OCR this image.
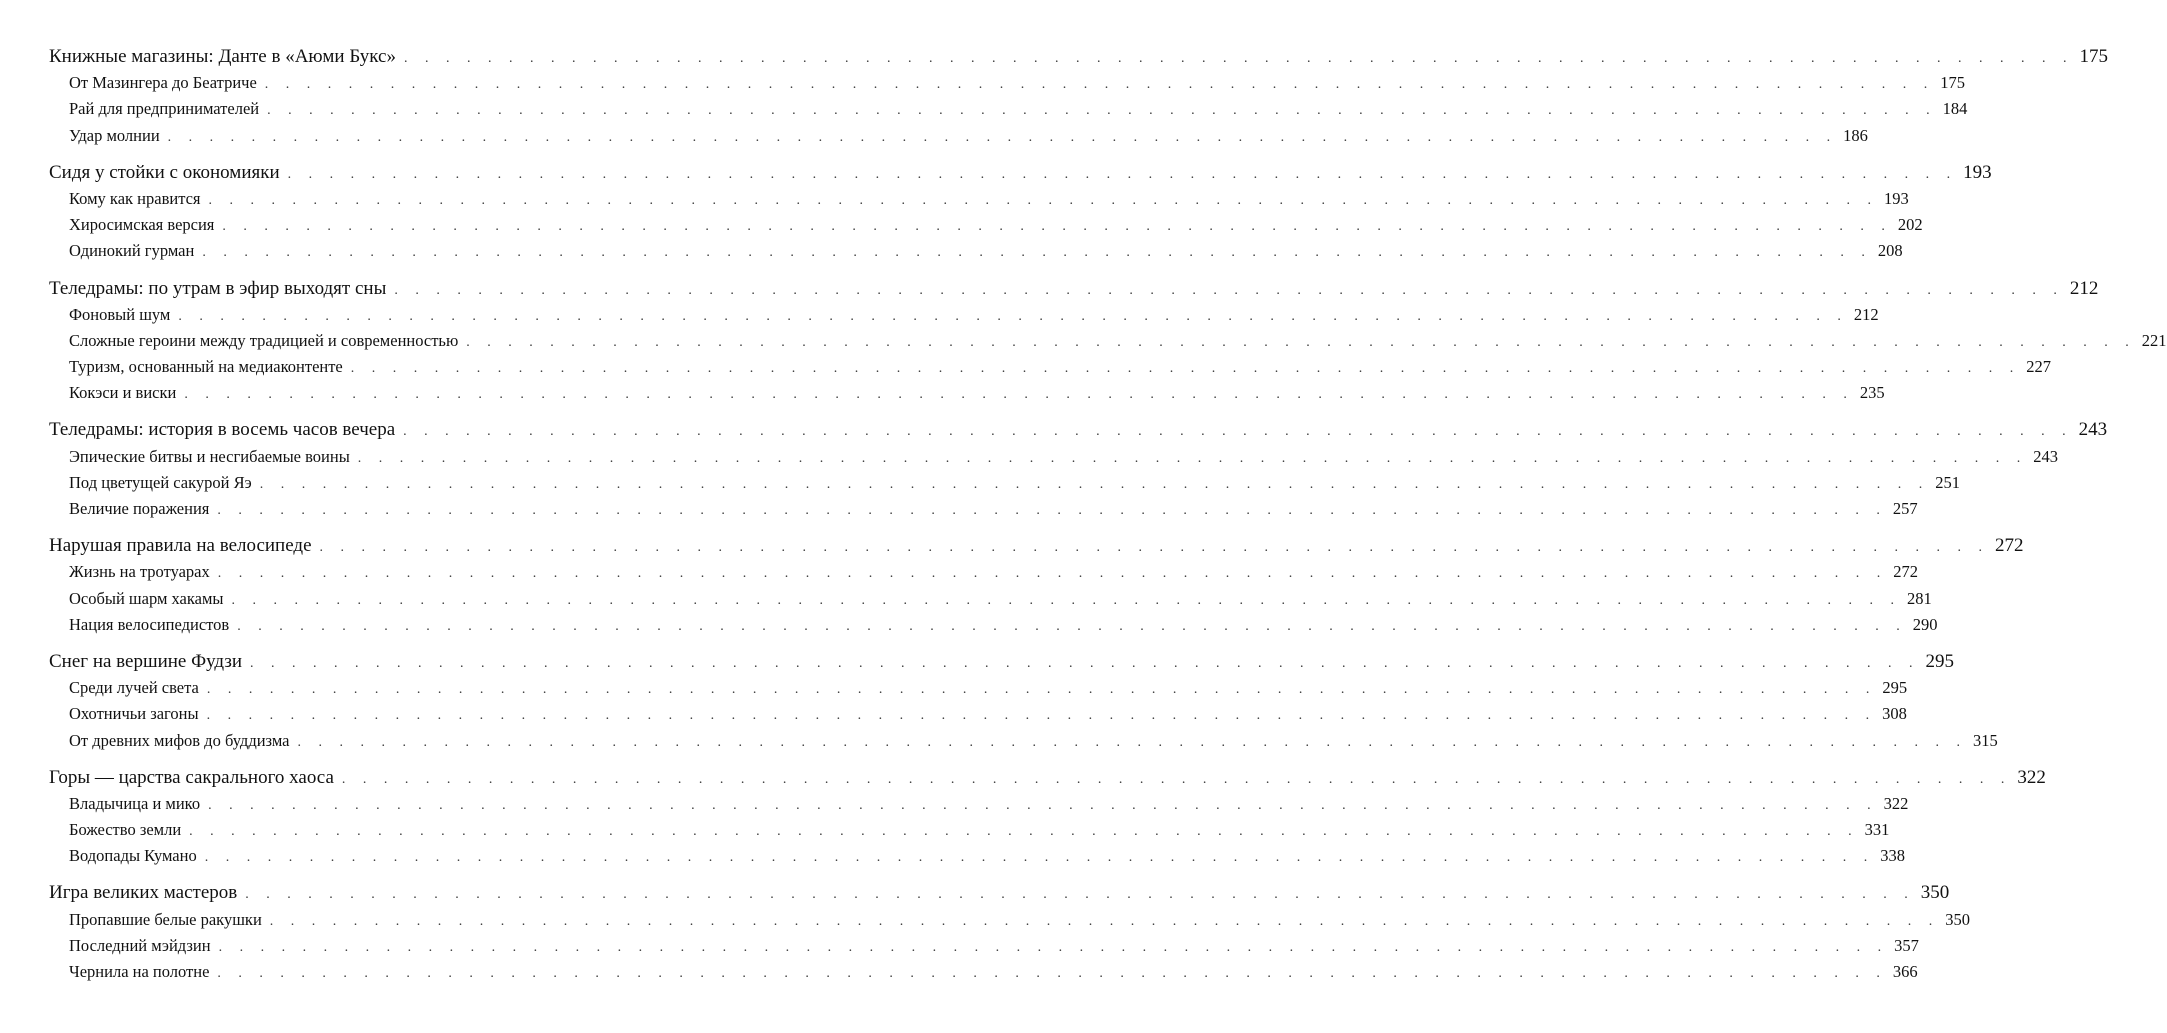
Книжные магазины: Данте в «Аюми Букс» . . . . . . . . . . . . . . . . . . . . . . . . . . . . . . . . . . . . . . . . . . . . . . . . . . . . . . . . . . . . . . . . . . . . . . . . . . . . . . . . 175
От Мазингера до Беатриче . . . . . . . . . . . . . . . . . . . . . . . . . . . . . . . . . . . . . . . . . . . . . . . . . . . . . . . . . . . . . . . . . . . . . . . . . . . . . . . . 175
Рай для предпринимателей . . . . . . . . . . . . . . . . . . . . . . . . . . . . . . . . . . . . . . . . . . . . . . . . . . . . . . . . . . . . . . . . . . . . . . . . . . . . . . . . 184
Удар молнии . . . . . . . . . . . . . . . . . . . . . . . . . . . . . . . . . . . . . . . . . . . . . . . . . . . . . . . . . . . . . . . . . . . . . . . . . . . . . . . . 186
Сидя у стойки с окономияки . . . . . . . . . . . . . . . . . . . . . . . . . . . . . . . . . . . . . . . . . . . . . . . . . . . . . . . . . . . . . . . . . . . . . . . . . . . . . . . . 193
Кому как нравится . . . . . . . . . . . . . . . . . . . . . . . . . . . . . . . . . . . . . . . . . . . . . . . . . . . . . . . . . . . . . . . . . . . . . . . . . . . . . . . . 193
Хиросимская версия . . . . . . . . . . . . . . . . . . . . . . . . . . . . . . . . . . . . . . . . . . . . . . . . . . . . . . . . . . . . . . . . . . . . . . . . . . . . . . . . 202
Одинокий гурман . . . . . . . . . . . . . . . . . . . . . . . . . . . . . . . . . . . . . . . . . . . . . . . . . . . . . . . . . . . . . . . . . . . . . . . . . . . . . . . . 208
Теледрамы: по утрам в эфир выходят сны . . . . . . . . . . . . . . . . . . . . . . . . . . . . . . . . . . . . . . . . . . . . . . . . . . . . . . . . . . . . . . . . . . . . . . . . . . . . . . . . 212
Фоновый шум . . . . . . . . . . . . . . . . . . . . . . . . . . . . . . . . . . . . . . . . . . . . . . . . . . . . . . . . . . . . . . . . . . . . . . . . . . . . . . . . 212
Сложные героини между традицией и современностью . . . . . . . . . . . . . . . . . . . . . . . . . . . . . . . . . . . . . . . . . . . . . . . . . . . . . . . . . . . . . . . . . . . . . . . . . . . . . . . . 221
Туризм, основанный на медиаконтенте . . . . . . . . . . . . . . . . . . . . . . . . . . . . . . . . . . . . . . . . . . . . . . . . . . . . . . . . . . . . . . . . . . . . . . . . . . . . . . . . 227
Кокэси и виски . . . . . . . . . . . . . . . . . . . . . . . . . . . . . . . . . . . . . . . . . . . . . . . . . . . . . . . . . . . . . . . . . . . . . . . . . . . . . . . . 235
Теледрамы: история в восемь часов вечера . . . . . . . . . . . . . . . . . . . . . . . . . . . . . . . . . . . . . . . . . . . . . . . . . . . . . . . . . . . . . . . . . . . . . . . . . . . . . . . . 243
Эпические битвы и несгибаемые воины . . . . . . . . . . . . . . . . . . . . . . . . . . . . . . . . . . . . . . . . . . . . . . . . . . . . . . . . . . . . . . . . . . . . . . . . . . . . . . . . 243
Под цветущей сакурой Яэ . . . . . . . . . . . . . . . . . . . . . . . . . . . . . . . . . . . . . . . . . . . . . . . . . . . . . . . . . . . . . . . . . . . . . . . . . . . . . . . . 251
Величие поражения . . . . . . . . . . . . . . . . . . . . . . . . . . . . . . . . . . . . . . . . . . . . . . . . . . . . . . . . . . . . . . . . . . . . . . . . . . . . . . . . 257
Нарушая правила на велосипеде . . . . . . . . . . . . . . . . . . . . . . . . . . . . . . . . . . . . . . . . . . . . . . . . . . . . . . . . . . . . . . . . . . . . . . . . . . . . . . . . 272
Жизнь на тротуарах . . . . . . . . . . . . . . . . . . . . . . . . . . . . . . . . . . . . . . . . . . . . . . . . . . . . . . . . . . . . . . . . . . . . . . . . . . . . . . . . 272
Особый шарм хакамы . . . . . . . . . . . . . . . . . . . . . . . . . . . . . . . . . . . . . . . . . . . . . . . . . . . . . . . . . . . . . . . . . . . . . . . . . . . . . . . . 281
Нация велосипедистов . . . . . . . . . . . . . . . . . . . . . . . . . . . . . . . . . . . . . . . . . . . . . . . . . . . . . . . . . . . . . . . . . . . . . . . . . . . . . . . . 290
Снег на вершине Фудзи . . . . . . . . . . . . . . . . . . . . . . . . . . . . . . . . . . . . . . . . . . . . . . . . . . . . . . . . . . . . . . . . . . . . . . . . . . . . . . . . 295
Среди лучей света . . . . . . . . . . . . . . . . . . . . . . . . . . . . . . . . . . . . . . . . . . . . . . . . . . . . . . . . . . . . . . . . . . . . . . . . . . . . . . . . 295
Охотничьи загоны . . . . . . . . . . . . . . . . . . . . . . . . . . . . . . . . . . . . . . . . . . . . . . . . . . . . . . . . . . . . . . . . . . . . . . . . . . . . . . . . 308
От древних мифов до буддизма . . . . . . . . . . . . . . . . . . . . . . . . . . . . . . . . . . . . . . . . . . . . . . . . . . . . . . . . . . . . . . . . . . . . . . . . . . . . . . . . 315
Горы — царства сакрального хаоса . . . . . . . . . . . . . . . . . . . . . . . . . . . . . . . . . . . . . . . . . . . . . . . . . . . . . . . . . . . . . . . . . . . . . . . . . . . . . . . . 322
Владычица и мико . . . . . . . . . . . . . . . . . . . . . . . . . . . . . . . . . . . . . . . . . . . . . . . . . . . . . . . . . . . . . . . . . . . . . . . . . . . . . . . . 322
Божество земли . . . . . . . . . . . . . . . . . . . . . . . . . . . . . . . . . . . . . . . . . . . . . . . . . . . . . . . . . . . . . . . . . . . . . . . . . . . . . . . . 331
Водопады Кумано . . . . . . . . . . . . . . . . . . . . . . . . . . . . . . . . . . . . . . . . . . . . . . . . . . . . . . . . . . . . . . . . . . . . . . . . . . . . . . . . 338
Игра великих мастеров . . . . . . . . . . . . . . . . . . . . . . . . . . . . . . . . . . . . . . . . . . . . . . . . . . . . . . . . . . . . . . . . . . . . . . . . . . . . . . . . 350
Пропавшие белые ракушки . . . . . . . . . . . . . . . . . . . . . . . . . . . . . . . . . . . . . . . . . . . . . . . . . . . . . . . . . . . . . . . . . . . . . . . . . . . . . . . . 350
Последний мэйдзин . . . . . . . . . . . . . . . . . . . . . . . . . . . . . . . . . . . . . . . . . . . . . . . . . . . . . . . . . . . . . . . . . . . . . . . . . . . . . . . . 357
Чернила на полотне . . . . . . . . . . . . . . . . . . . . . . . . . . . . . . . . . . . . . . . . . . . . . . . . . . . . . . . . . . . . . . . . . . . . . . . . . . . . . . . . 366
